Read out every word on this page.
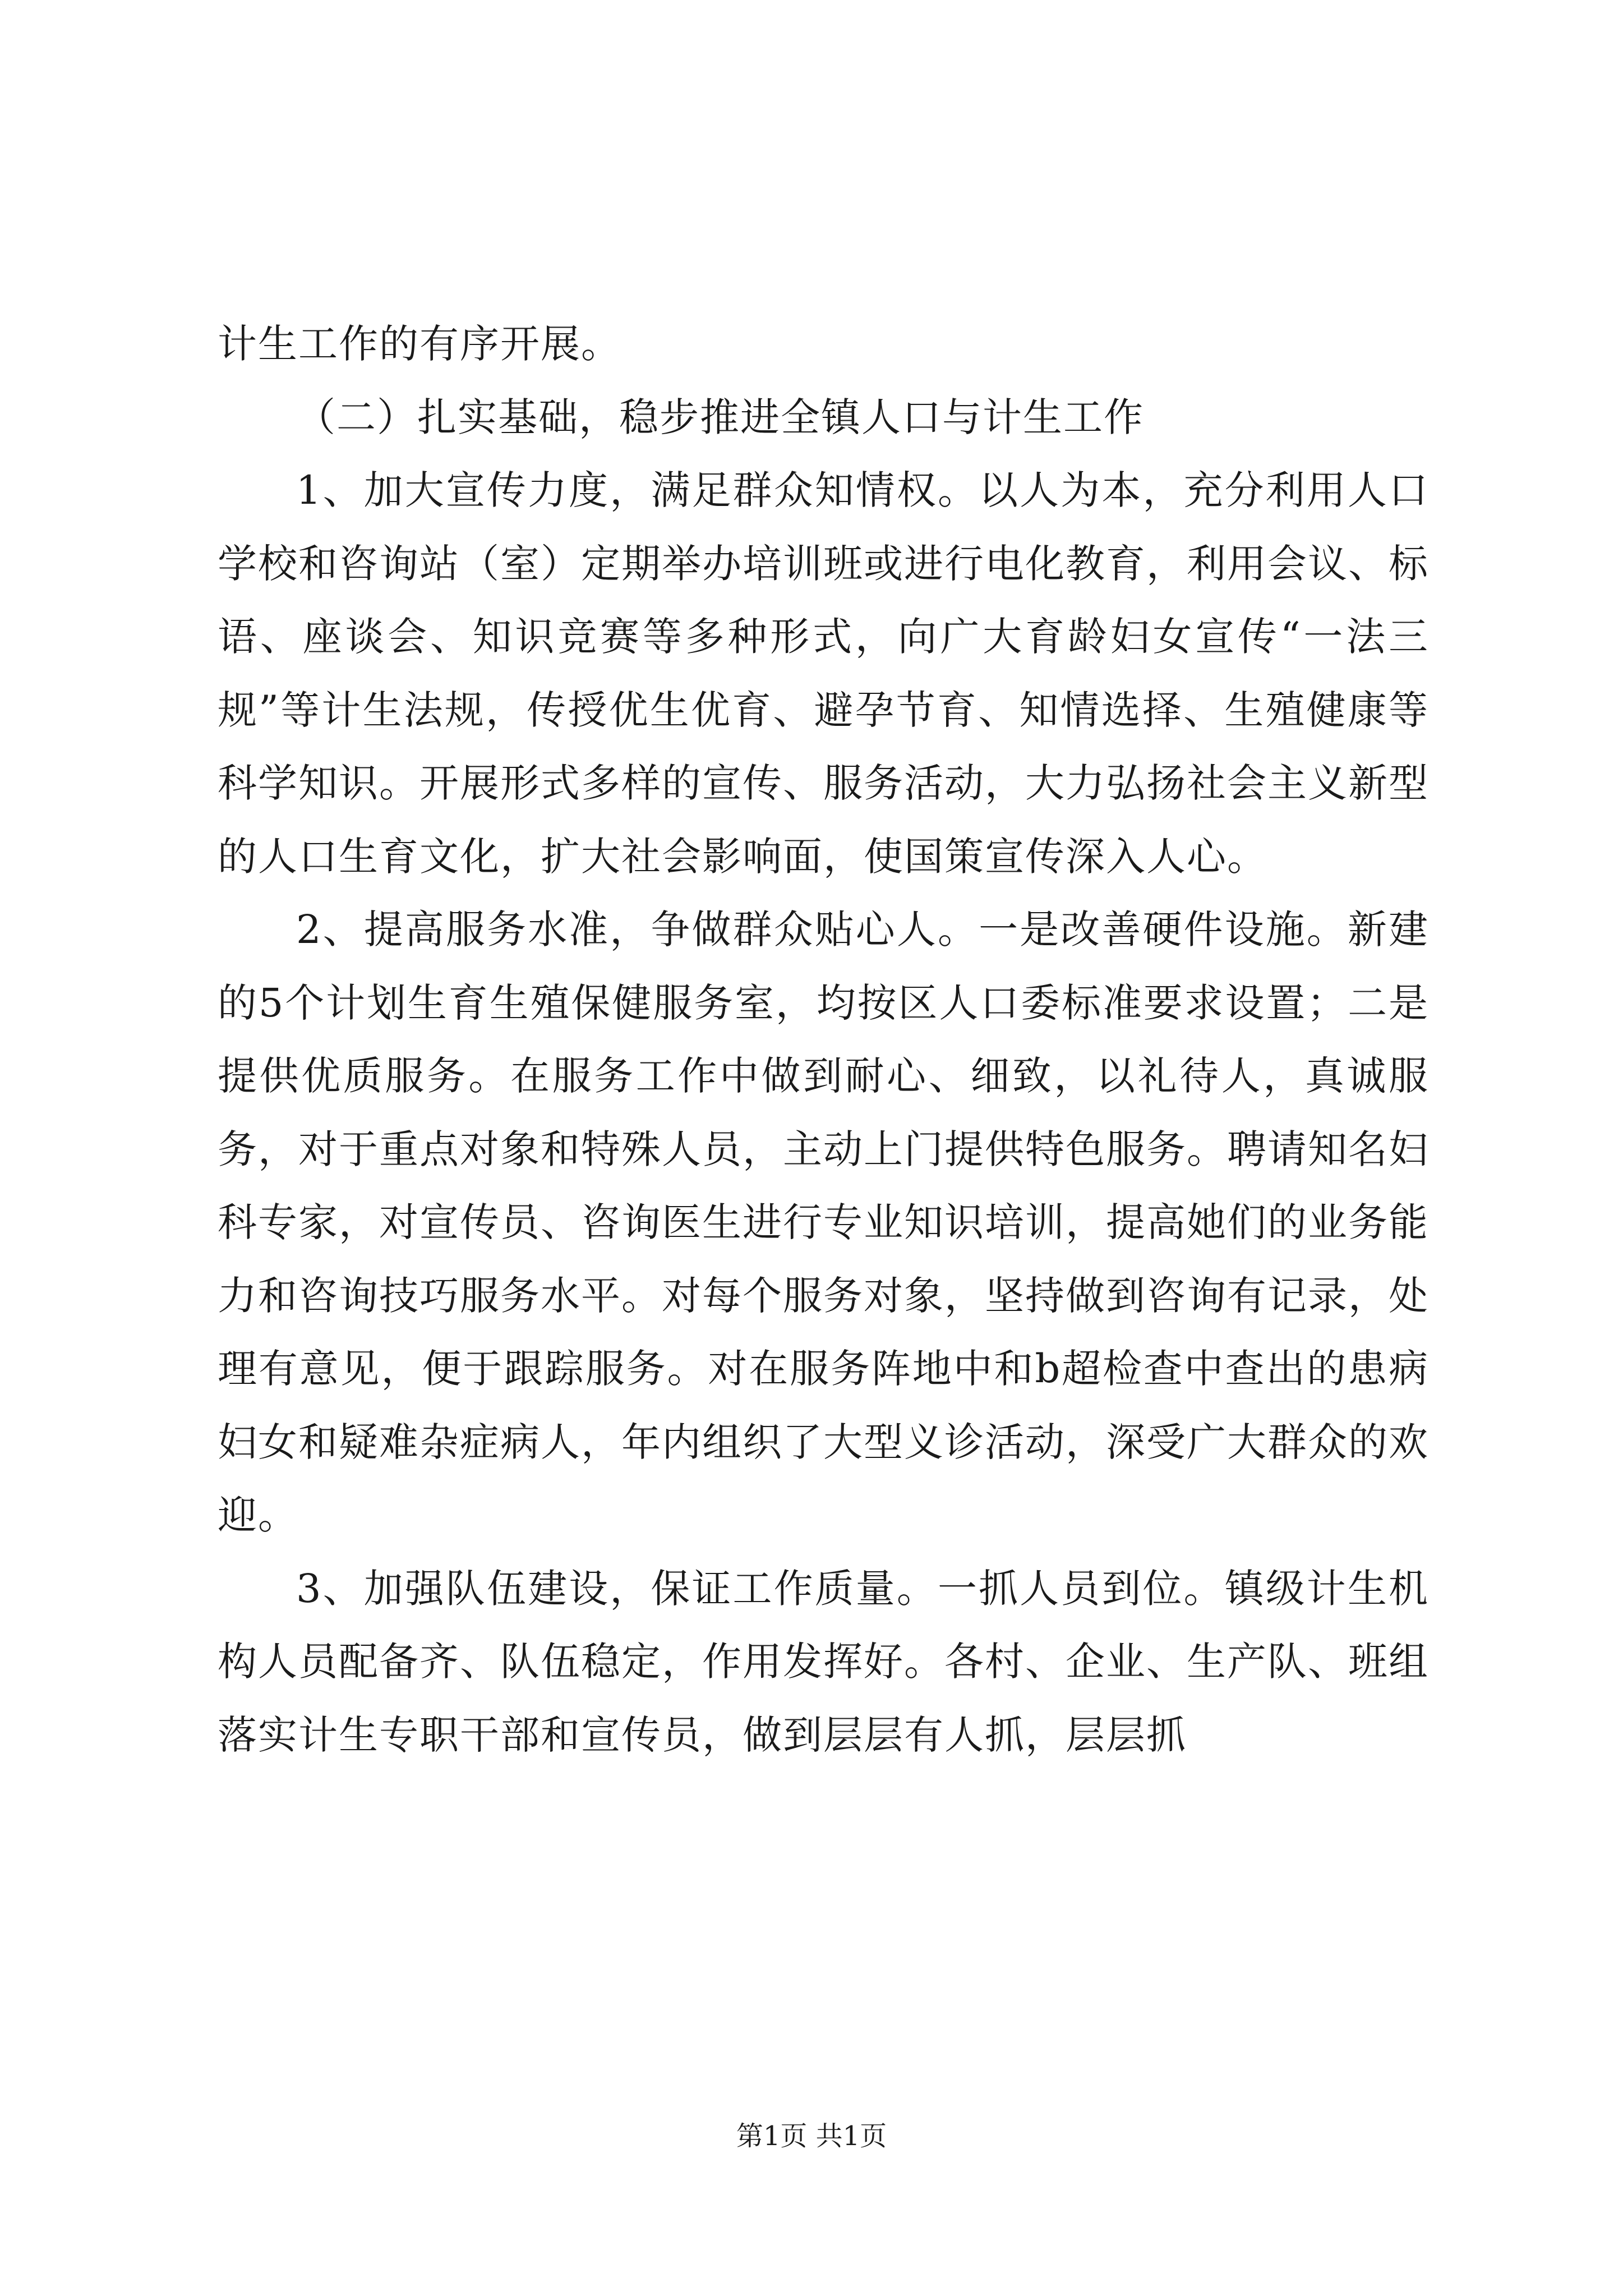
计生工作的有序开展。

（二）扎实基础，稳步推进全镇人口与计生工作

1、加大宣传力度，满足群众知情权。以人为本，充分利用人口学校和咨询站（室）定期举办培训班或进行电化教育，利用会议、标语、座谈会、知识竞赛等多种形式，向广大育龄妇女宣传“一法三规”等计生法规，传授优生优育、避孕节育、知情选择、生殖健康等科学知识。开展形式多样的宣传、服务活动，大力弘扬社会主义新型的人口生育文化，扩大社会影响面，使国策宣传深入人心。

2、提高服务水准，争做群众贴心人。一是改善硬件设施。新建的5个计划生育生殖保健服务室，均按区人口委标准要求设置；二是提供优质服务。在服务工作中做到耐心、细致，以礼待人，真诚服务，对于重点对象和特殊人员，主动上门提供特色服务。聘请知名妇科专家，对宣传员、咨询医生进行专业知识培训，提高她们的业务能力和咨询技巧服务水平。对每个服务对象，坚持做到咨询有记录，处理有意见，便于跟踪服务。对在服务阵地中和b超检查中查出的患病妇女和疑难杂症病人，年内组织了大型义诊活动，深受广大群众的欢迎。

3、加强队伍建设，保证工作质量。一抓人员到位。镇级计生机构人员配备齐、队伍稳定，作用发挥好。各村、企业、生产队、班组落实计生专职干部和宣传员，做到层层有人抓，层层抓

第1页 共1页
